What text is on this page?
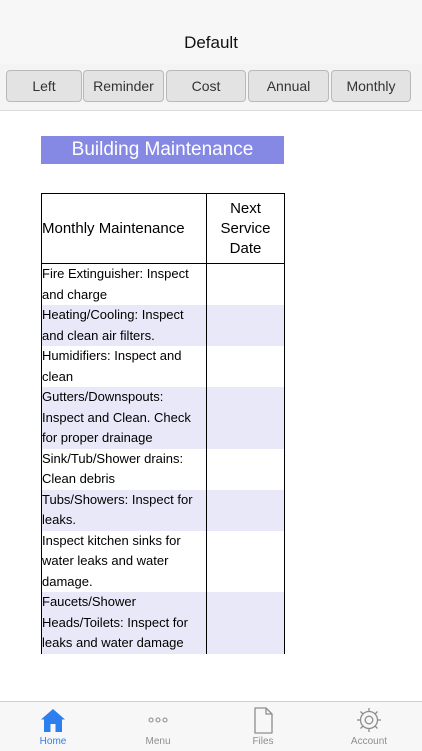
Default
Left	Reminder	Cost	Annual	Monthly
Building Maintenance
Monthly Maintenance	Next Service Date
Fire Extinguisher: Inspect and charge	
Heating/Cooling: Inspect and clean air filters.	
Humidifiers: Inspect and clean	
Gutters/Downspouts: Inspect and Clean. Check for proper drainage	
Sink/Tub/Shower drains: Clean debris	
Tubs/Showers: Inspect for leaks.	
Inspect kitchen sinks for water leaks and water damage.	
Faucets/Shower Heads/Toilets: Inspect for leaks and water damage	
Home	Menu	Files	Account
